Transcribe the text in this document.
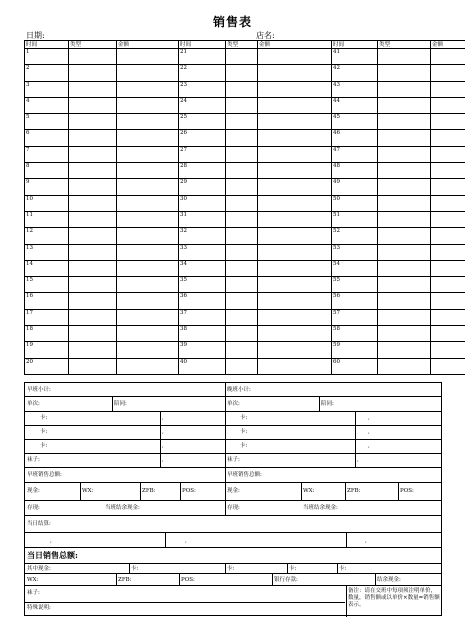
销售表
日期:	店名:
时间	类型	金额	时间	类型	金额	时间	类型	金额
1			21			41		
2			22			42		
3			23			43		
4			24			44		
5			25			45		
6			26			46		
7			27			47		
8			28			48		
9			29			49		
10			30			50		
11			31			51		
12			32			52		
13			33			53		
14			34			54		
15			35			55		
16			36			56		
17			37			57		
18			38			58		
19			39			59		
20			40			60		
早班小计:	晚班小计:
单次:	陪同:	单次:	陪同:
卡:	,	卡:	,
卡:	,	卡:	,
卡:	,	卡:	,
袜子:	,	袜子:	,
早班销售总额:	早班销售总额:
现金:	WX:	ZFB:	POS:	现金:	WX:	ZFB:	POS:
存现:	当班结余现金:	存现:	当班结余现金:
当日结算:
,	,	,
当日销售总额:
其中现金:	卡:	卡:	卡:	卡:
WX:	ZFB:	POS:	银行存款:	结余现金:
袜子:
特殊说明:
备注：请在交班中每项须注明单价，数量，销售额或以单价×数量=销售额表示。
